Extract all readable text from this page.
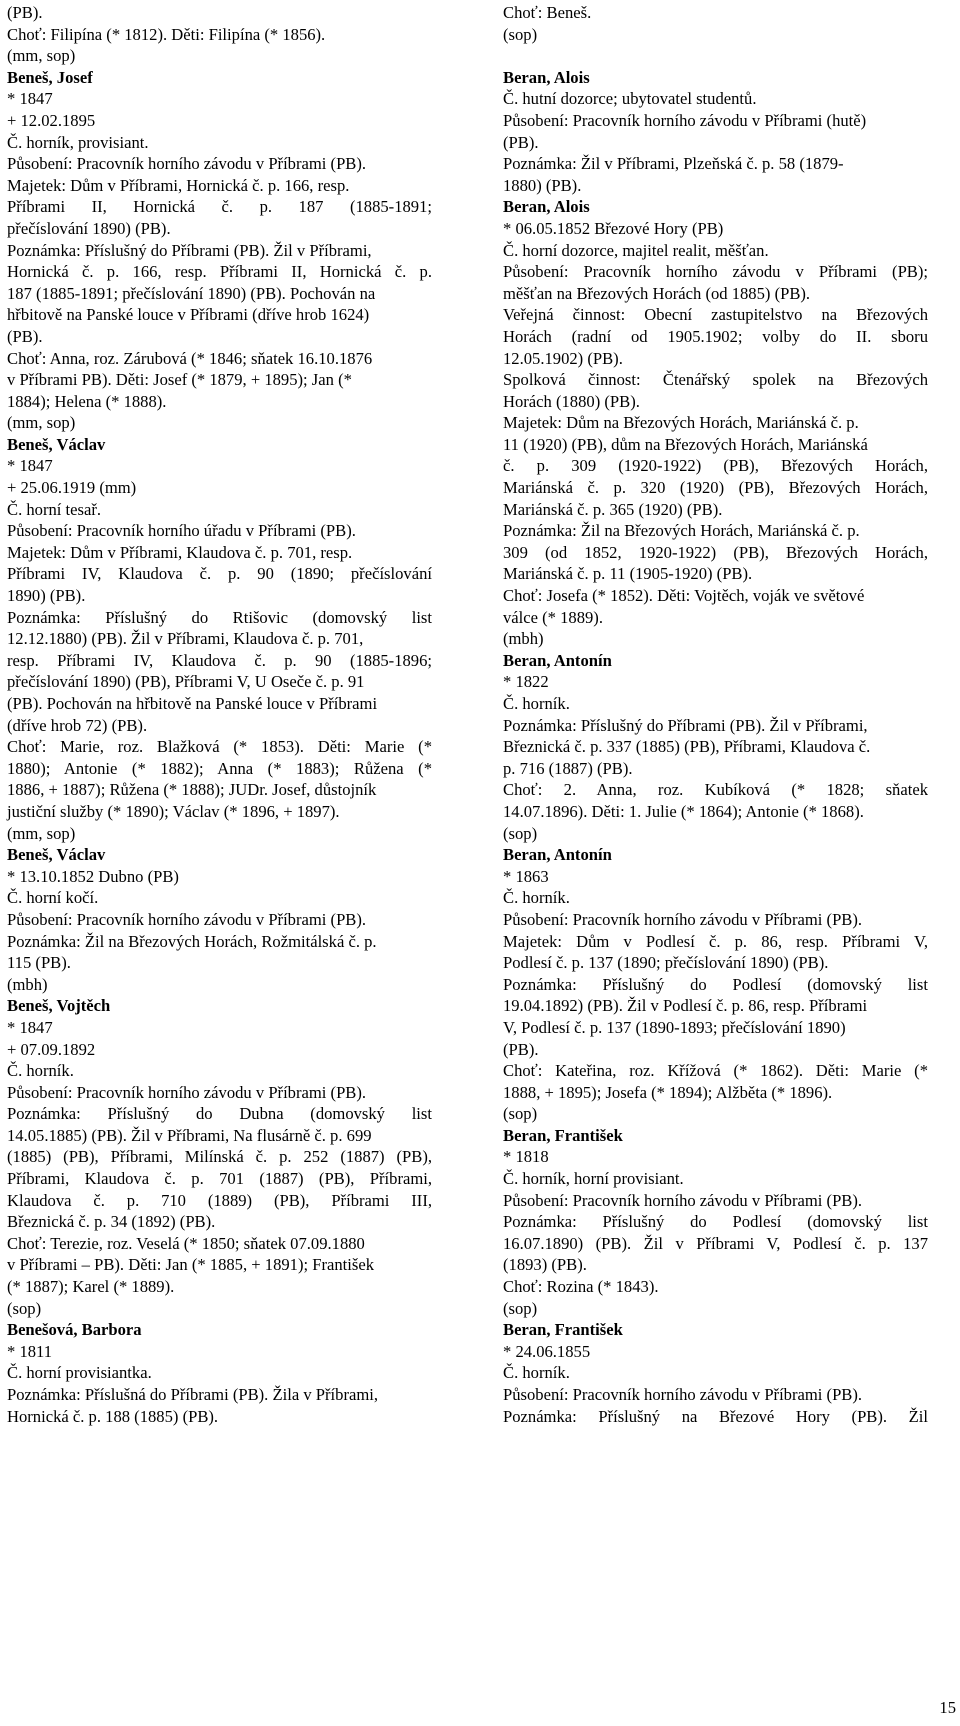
(PB).
Choť: Filipína (* 1812). Děti: Filipína (* 1856).
(mm, sop)
Beneš, Josef
* 1847
+ 12.02.1895
Č. horník, provisiant.
Působení: Pracovník horního závodu v Příbrami (PB).
Majetek: Dům v Příbrami, Hornická č. p. 166, resp.
Příbrami II, Hornická č. p. 187 (1885-1891;
přečíslování 1890) (PB).
Poznámka: Příslušný do Příbrami (PB). Žil v Příbrami,
Hornická č. p. 166, resp. Příbrami II, Hornická č. p.
187 (1885-1891; přečíslování 1890) (PB). Pochován na
hřbitově na Panské louce v Příbrami (dříve hrob 1624)
(PB).
Choť: Anna, roz. Zárubová (* 1846; sňatek 16.10.1876
v Příbrami PB). Děti: Josef (* 1879, + 1895); Jan (*
1884); Helena (* 1888).
(mm, sop)
Beneš, Václav
* 1847
+ 25.06.1919 (mm)
Č. horní tesař.
Působení: Pracovník horního úřadu v Příbrami (PB).
Majetek: Dům v Příbrami, Klaudova č. p. 701, resp.
Příbrami IV, Klaudova č. p. 90 (1890; přečíslování
1890) (PB).
Poznámka: Příslušný do Rtišovic (domovský list
12.12.1880) (PB). Žil v Příbrami, Klaudova č. p. 701,
resp. Příbrami IV, Klaudova č. p. 90 (1885-1896;
přečíslování 1890) (PB), Příbrami V, U Oseče č. p. 91
(PB). Pochován na hřbitově na Panské louce v Příbrami
(dříve hrob 72) (PB).
Choť: Marie, roz. Blažková (* 1853). Děti: Marie (*
1880); Antonie (* 1882); Anna (* 1883); Růžena (*
1886, + 1887); Růžena (* 1888); JUDr. Josef, důstojník
justiční služby (* 1890); Václav (* 1896, + 1897).
(mm, sop)
Beneš, Václav
* 13.10.1852 Dubno (PB)
Č. horní kočí.
Působení: Pracovník horního závodu v Příbrami (PB).
Poznámka: Žil na Březových Horách, Rožmitálská č. p.
115 (PB).
(mbh)
Beneš, Vojtěch
* 1847
+ 07.09.1892
Č. horník.
Působení: Pracovník horního závodu v Příbrami (PB).
Poznámka: Příslušný do Dubna (domovský list
14.05.1885) (PB). Žil v Příbrami, Na flusárně č. p. 699
(1885) (PB), Příbrami, Milínská č. p. 252 (1887) (PB),
Příbrami, Klaudova č. p. 701 (1887) (PB), Příbrami,
Klaudova č. p. 710 (1889) (PB), Příbrami III,
Březnická č. p. 34 (1892) (PB).
Choť: Terezie, roz. Veselá (* 1850; sňatek 07.09.1880
v Příbrami – PB). Děti: Jan (* 1885, + 1891); František
(* 1887); Karel (* 1889).
(sop)
Benešová, Barbora
* 1811
Č. horní provisiantka.
Poznámka: Příslušná do Příbrami (PB). Žila v Příbrami,
Hornická č. p. 188 (1885) (PB).
Choť: Beneš.
(sop)
Beran, Alois
Č. hutní dozorce; ubytovatel studentů.
Působení: Pracovník horního závodu v Příbrami (hutě)
(PB).
Poznámka: Žil v Příbrami, Plzeňská č. p. 58 (1879-
1880) (PB).
Beran, Alois
* 06.05.1852 Březové Hory (PB)
Č. horní dozorce, majitel realit, měšťan.
Působení: Pracovník horního závodu v Příbrami (PB);
měšťan na Březových Horách (od 1885) (PB).
Veřejná činnost: Obecní zastupitelstvo na Březových
Horách (radní od 1905.1902; volby do II. sboru
12.05.1902) (PB).
Spolková činnost: Čtenářský spolek na Březových
Horách (1880) (PB).
Majetek: Dům na Březových Horách, Mariánská č. p.
11 (1920) (PB), dům na Březových Horách, Mariánská
č. p. 309 (1920-1922) (PB), Březových Horách,
Mariánská č. p. 320 (1920) (PB), Březových Horách,
Mariánská č. p. 365 (1920) (PB).
Poznámka: Žil na Březových Horách, Mariánská č. p.
309 (od 1852, 1920-1922) (PB), Březových Horách,
Mariánská č. p. 11 (1905-1920) (PB).
Choť: Josefa (* 1852). Děti: Vojtěch, voják ve světové
válce (* 1889).
(mbh)
Beran, Antonín
* 1822
Č. horník.
Poznámka: Příslušný do Příbrami (PB). Žil v Příbrami,
Březnická č. p. 337 (1885) (PB), Příbrami, Klaudova č.
p. 716 (1887) (PB).
Choť: 2. Anna, roz. Kubíková (* 1828; sňatek
14.07.1896). Děti: 1. Julie (* 1864); Antonie (* 1868).
(sop)
Beran, Antonín
* 1863
Č. horník.
Působení: Pracovník horního závodu v Příbrami (PB).
Majetek: Dům v Podlesí č. p. 86, resp. Příbrami V,
Podlesí č. p. 137 (1890; přečíslování 1890) (PB).
Poznámka: Příslušný do Podlesí (domovský list
19.04.1892) (PB). Žil v Podlesí č. p. 86, resp. Příbrami
V, Podlesí č. p. 137 (1890-1893; přečíslování 1890)
(PB).
Choť: Kateřina, roz. Křížová (* 1862). Děti: Marie (*
1888, + 1895); Josefa (* 1894); Alžběta (* 1896).
(sop)
Beran, František
* 1818
Č. horník, horní provisiant.
Působení: Pracovník horního závodu v Příbrami (PB).
Poznámka: Příslušný do Podlesí (domovský list
16.07.1890) (PB). Žil v Příbrami V, Podlesí č. p. 137
(1893) (PB).
Choť: Rozina (* 1843).
(sop)
Beran, František
* 24.06.1855
Č. horník.
Působení: Pracovník horního závodu v Příbrami (PB).
Poznámka: Příslušný na Březové Hory (PB). Žil
15
